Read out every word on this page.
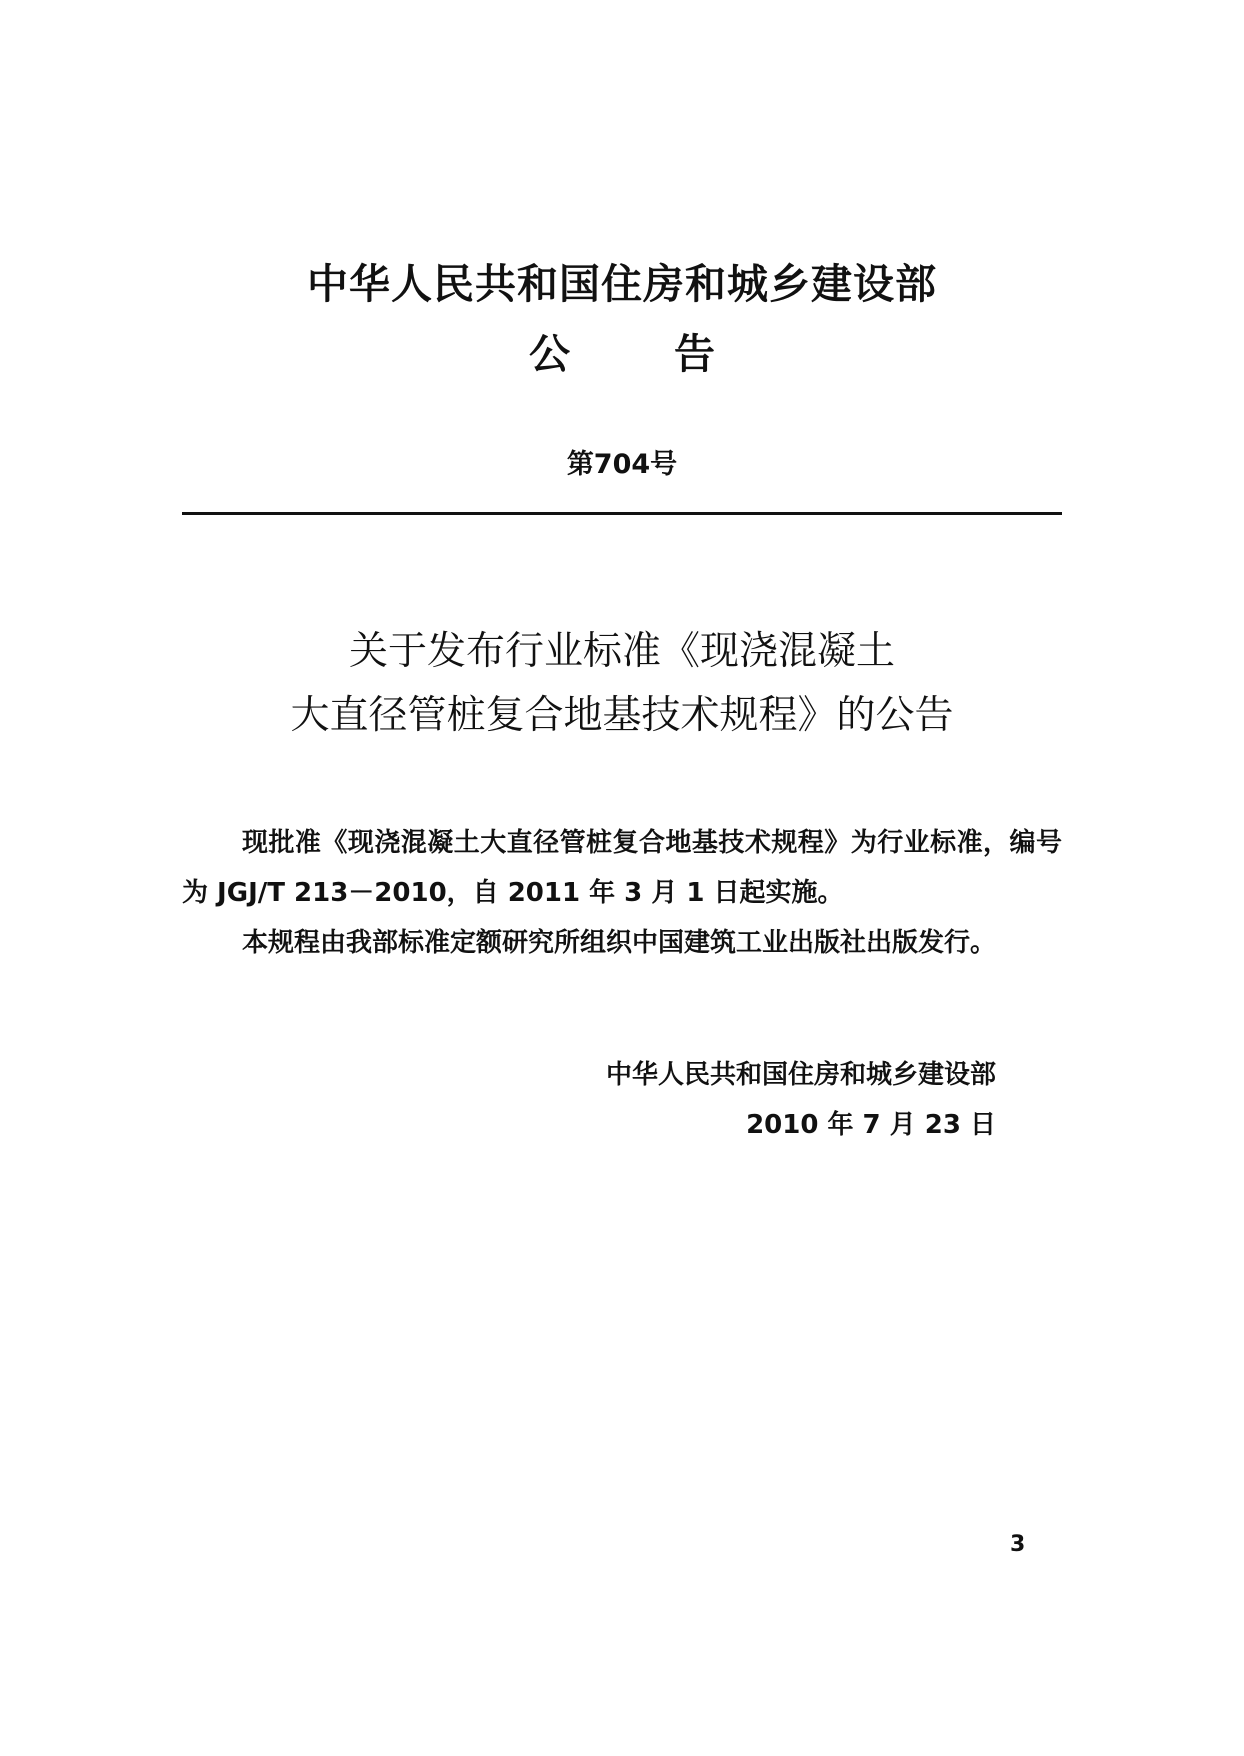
中华人民共和国住房和城乡建设部
公	告
第704号
关于发布行业标准《现浇混凝土
大直径管桩复合地基技术规程》的公告

现批准《现浇混凝土大直径管桩复合地基技术规程》为行业标准，编号为 JGJ/T 213－2010，自 2011 年 3 月 1 日起实施。

本规程由我部标准定额研究所组织中国建筑工业出版社出版发行。

中华人民共和国住房和城乡建设部
2010 年 7 月 23 日
3
